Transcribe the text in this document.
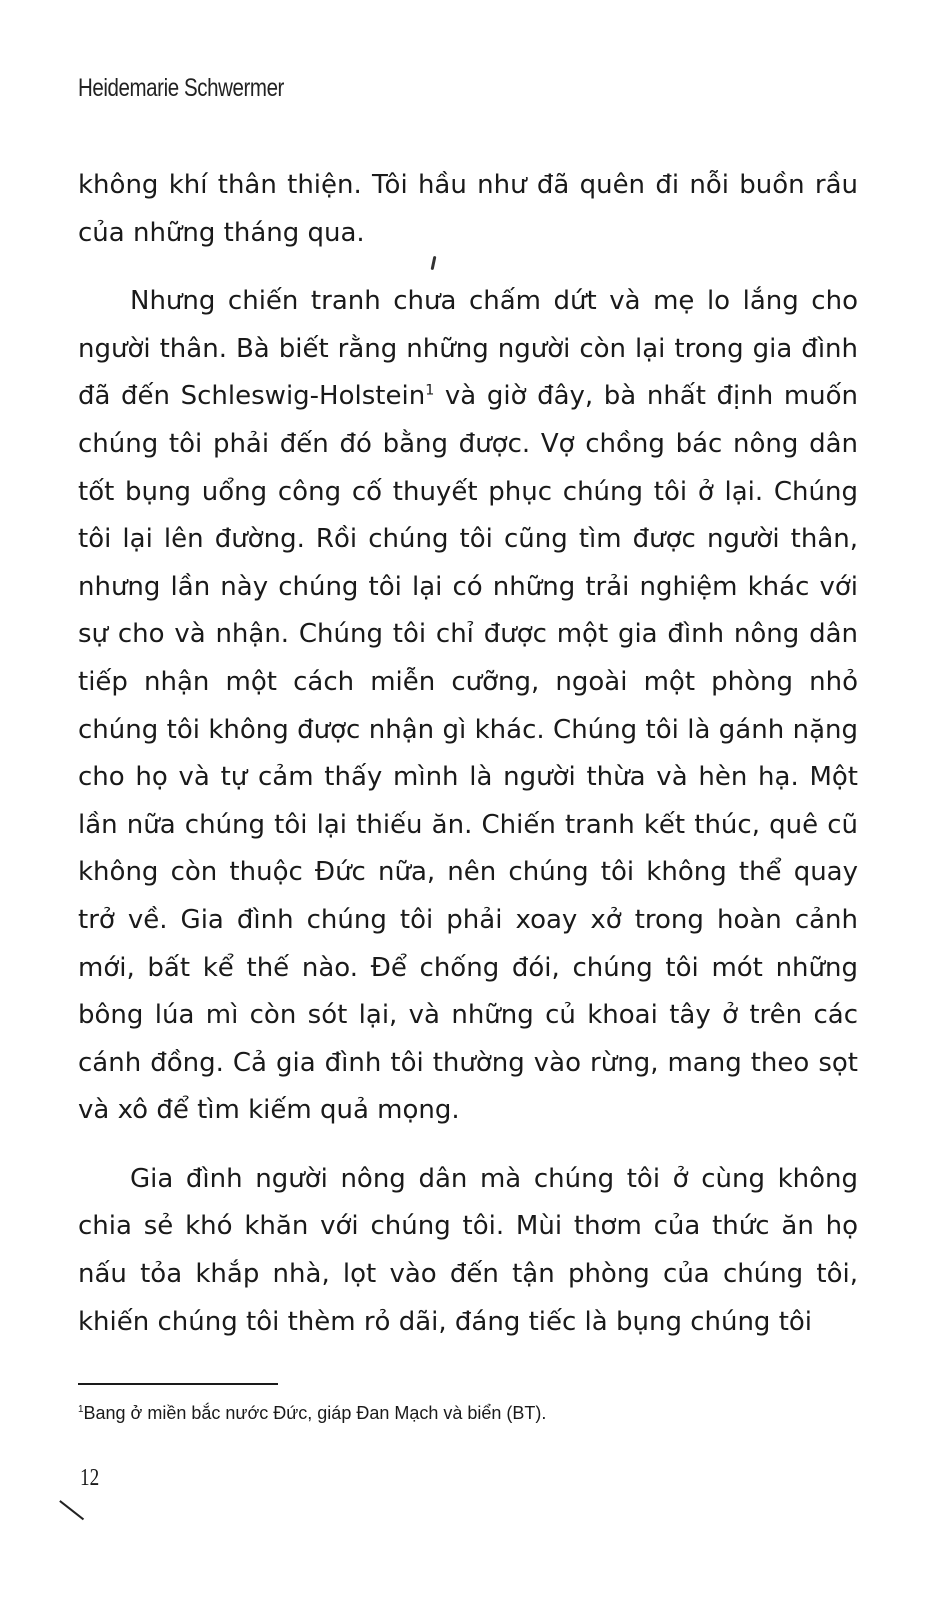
Heidemarie Schwermer

không khí thân thiện. Tôi hầu như đã quên đi nỗi buồn rầu của những tháng qua.

Nhưng chiến tranh chưa chấm dứt và mẹ lo lắng cho người thân. Bà biết rằng những người còn lại trong gia đình đã đến Schleswig-Holstein$^1$ và giờ đây, bà nhất định muốn chúng tôi phải đến đó bằng được. Vợ chồng bác nông dân tốt bụng uổng công cố thuyết phục chúng tôi ở lại. Chúng tôi lại lên đường. Rồi chúng tôi cũng tìm được người thân, nhưng lần này chúng tôi lại có những trải nghiệm khác với sự cho và nhận. Chúng tôi chỉ được một gia đình nông dân tiếp nhận một cách miễn cưỡng, ngoài một phòng nhỏ chúng tôi không được nhận gì khác. Chúng tôi là gánh nặng cho họ và tự cảm thấy mình là người thừa và hèn hạ. Một lần nữa chúng tôi lại thiếu ăn. Chiến tranh kết thúc, quê cũ không còn thuộc Đức nữa, nên chúng tôi không thể quay trở về. Gia đình chúng tôi phải xoay xở trong hoàn cảnh mới, bất kể thế nào. Để chống đói, chúng tôi mót những bông lúa mì còn sót lại, và những củ khoai tây ở trên các cánh đồng. Cả gia đình tôi thường vào rừng, mang theo sọt và xô để tìm kiếm quả mọng.

Gia đình người nông dân mà chúng tôi ở cùng không chia sẻ khó khăn với chúng tôi. Mùi thơm của thức ăn họ nấu tỏa khắp nhà, lọt vào đến tận phòng của chúng tôi, khiến chúng tôi thèm rỏ dãi, đáng tiếc là bụng chúng tôi

$^1$Bang ở miền bắc nước Đức, giáp Đan Mạch và biển (BT).
12
